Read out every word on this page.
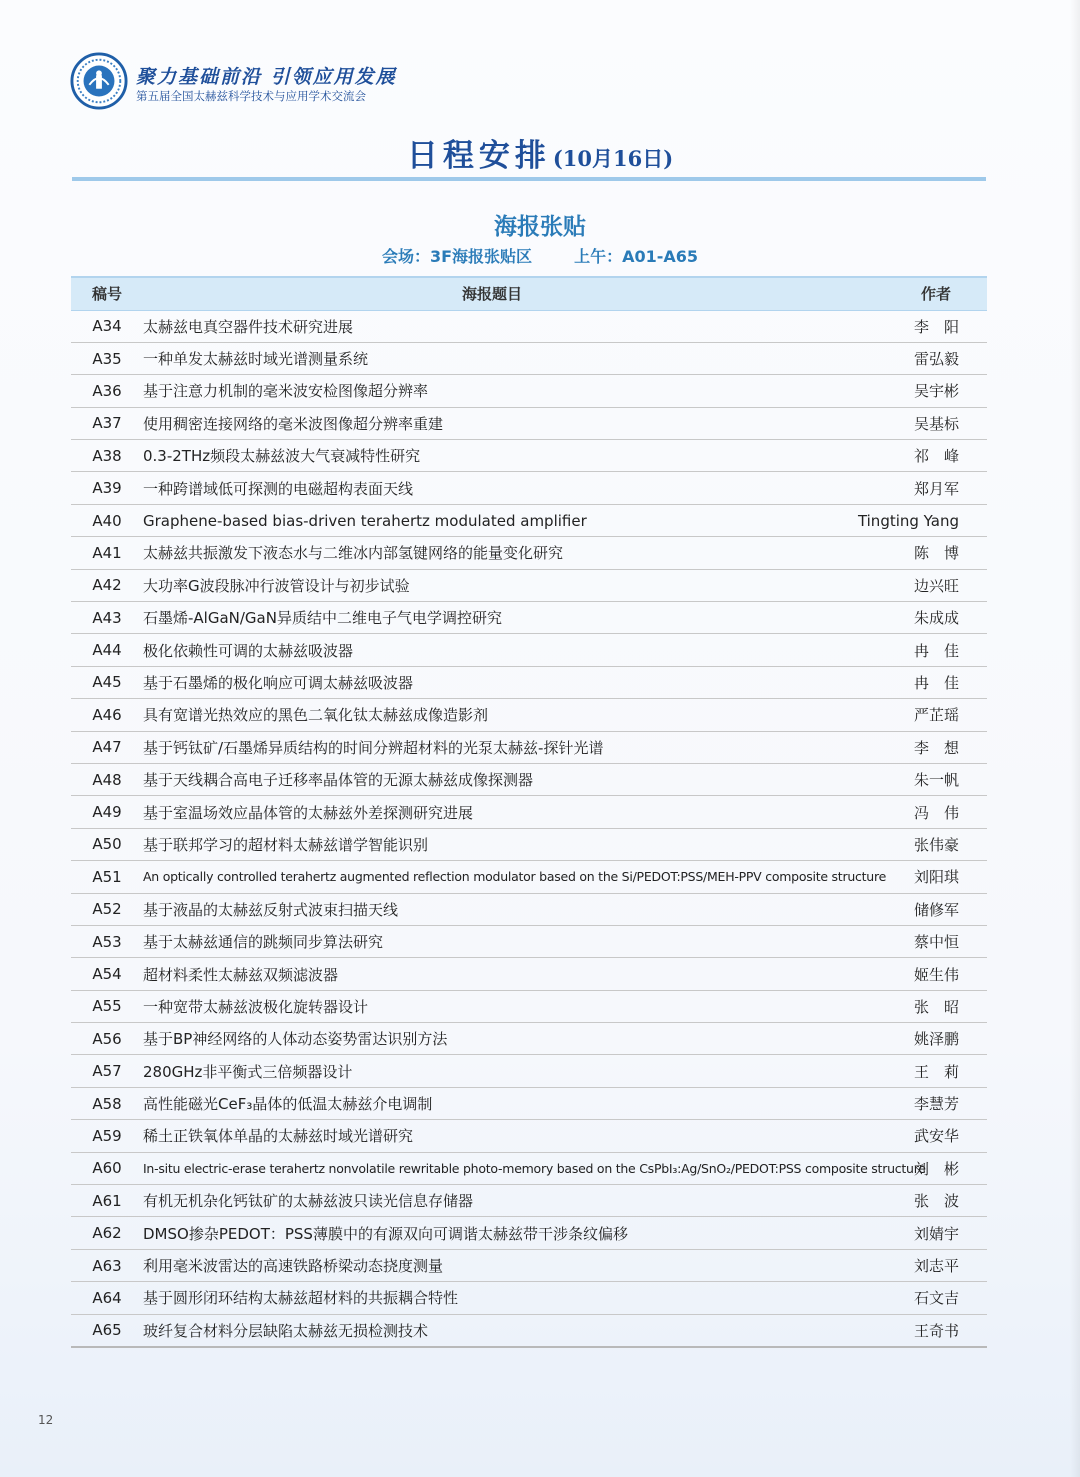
聚力基础前沿 引领应用发展
第五届全国太赫兹科学技术与应用学术交流会
日程安排(10月16日)
海报张贴
会场：3F海报张贴区	上午：A01-A65
稿号	海报题目	作者
A34	太赫兹电真空器件技术研究进展	李　阳
A35	一种单发太赫兹时域光谱测量系统	雷弘毅
A36	基于注意力机制的毫米波安检图像超分辨率	吴宇彬
A37	使用稠密连接网络的毫米波图像超分辨率重建	吴基标
A38	0.3-2THz频段太赫兹波大气衰减特性研究	祁　峰
A39	一种跨谱域低可探测的电磁超构表面天线	郑月军
A40	Graphene-based bias-driven terahertz modulated amplifier	Tingting Yang
A41	太赫兹共振激发下液态水与二维冰内部氢键网络的能量变化研究	陈　博
A42	大功率G波段脉冲行波管设计与初步试验	边兴旺
A43	石墨烯-AlGaN/GaN异质结中二维电子气电学调控研究	朱成成
A44	极化依赖性可调的太赫兹吸波器	冉　佳
A45	基于石墨烯的极化响应可调太赫兹吸波器	冉　佳
A46	具有宽谱光热效应的黑色二氧化钛太赫兹成像造影剂	严芷瑶
A47	基于钙钛矿/石墨烯异质结构的时间分辨超材料的光泵太赫兹-探针光谱	李　想
A48	基于天线耦合高电子迁移率晶体管的无源太赫兹成像探测器	朱一帆
A49	基于室温场效应晶体管的太赫兹外差探测研究进展	冯　伟
A50	基于联邦学习的超材料太赫兹谱学智能识别	张伟豪
A51	An optically controlled terahertz augmented reflection modulator based on the Si/PEDOT:PSS/MEH-PPV composite structure	刘阳琪
A52	基于液晶的太赫兹反射式波束扫描天线	储修军
A53	基于太赫兹通信的跳频同步算法研究	蔡中恒
A54	超材料柔性太赫兹双频滤波器	姬生伟
A55	一种宽带太赫兹波极化旋转器设计	张　昭
A56	基于BP神经网络的人体动态姿势雷达识别方法	姚泽鹏
A57	280GHz非平衡式三倍频器设计	王　莉
A58	高性能磁光CeF₃晶体的低温太赫兹介电调制	李慧芳
A59	稀土正铁氧体单晶的太赫兹时域光谱研究	武安华
A60	In-situ electric-erase terahertz nonvolatile rewritable photo-memory based on the CsPbI₃:Ag/SnO₂/PEDOT:PSS composite structure	刘　彬
A61	有机无机杂化钙钛矿的太赫兹波只读光信息存储器	张　波
A62	DMSO掺杂PEDOT：PSS薄膜中的有源双向可调谐太赫兹带干涉条纹偏移	刘婧宇
A63	利用毫米波雷达的高速铁路桥梁动态挠度测量	刘志平
A64	基于圆形闭环结构太赫兹超材料的共振耦合特性	石文吉
A65	玻纤复合材料分层缺陷太赫兹无损检测技术	王奇书
12
